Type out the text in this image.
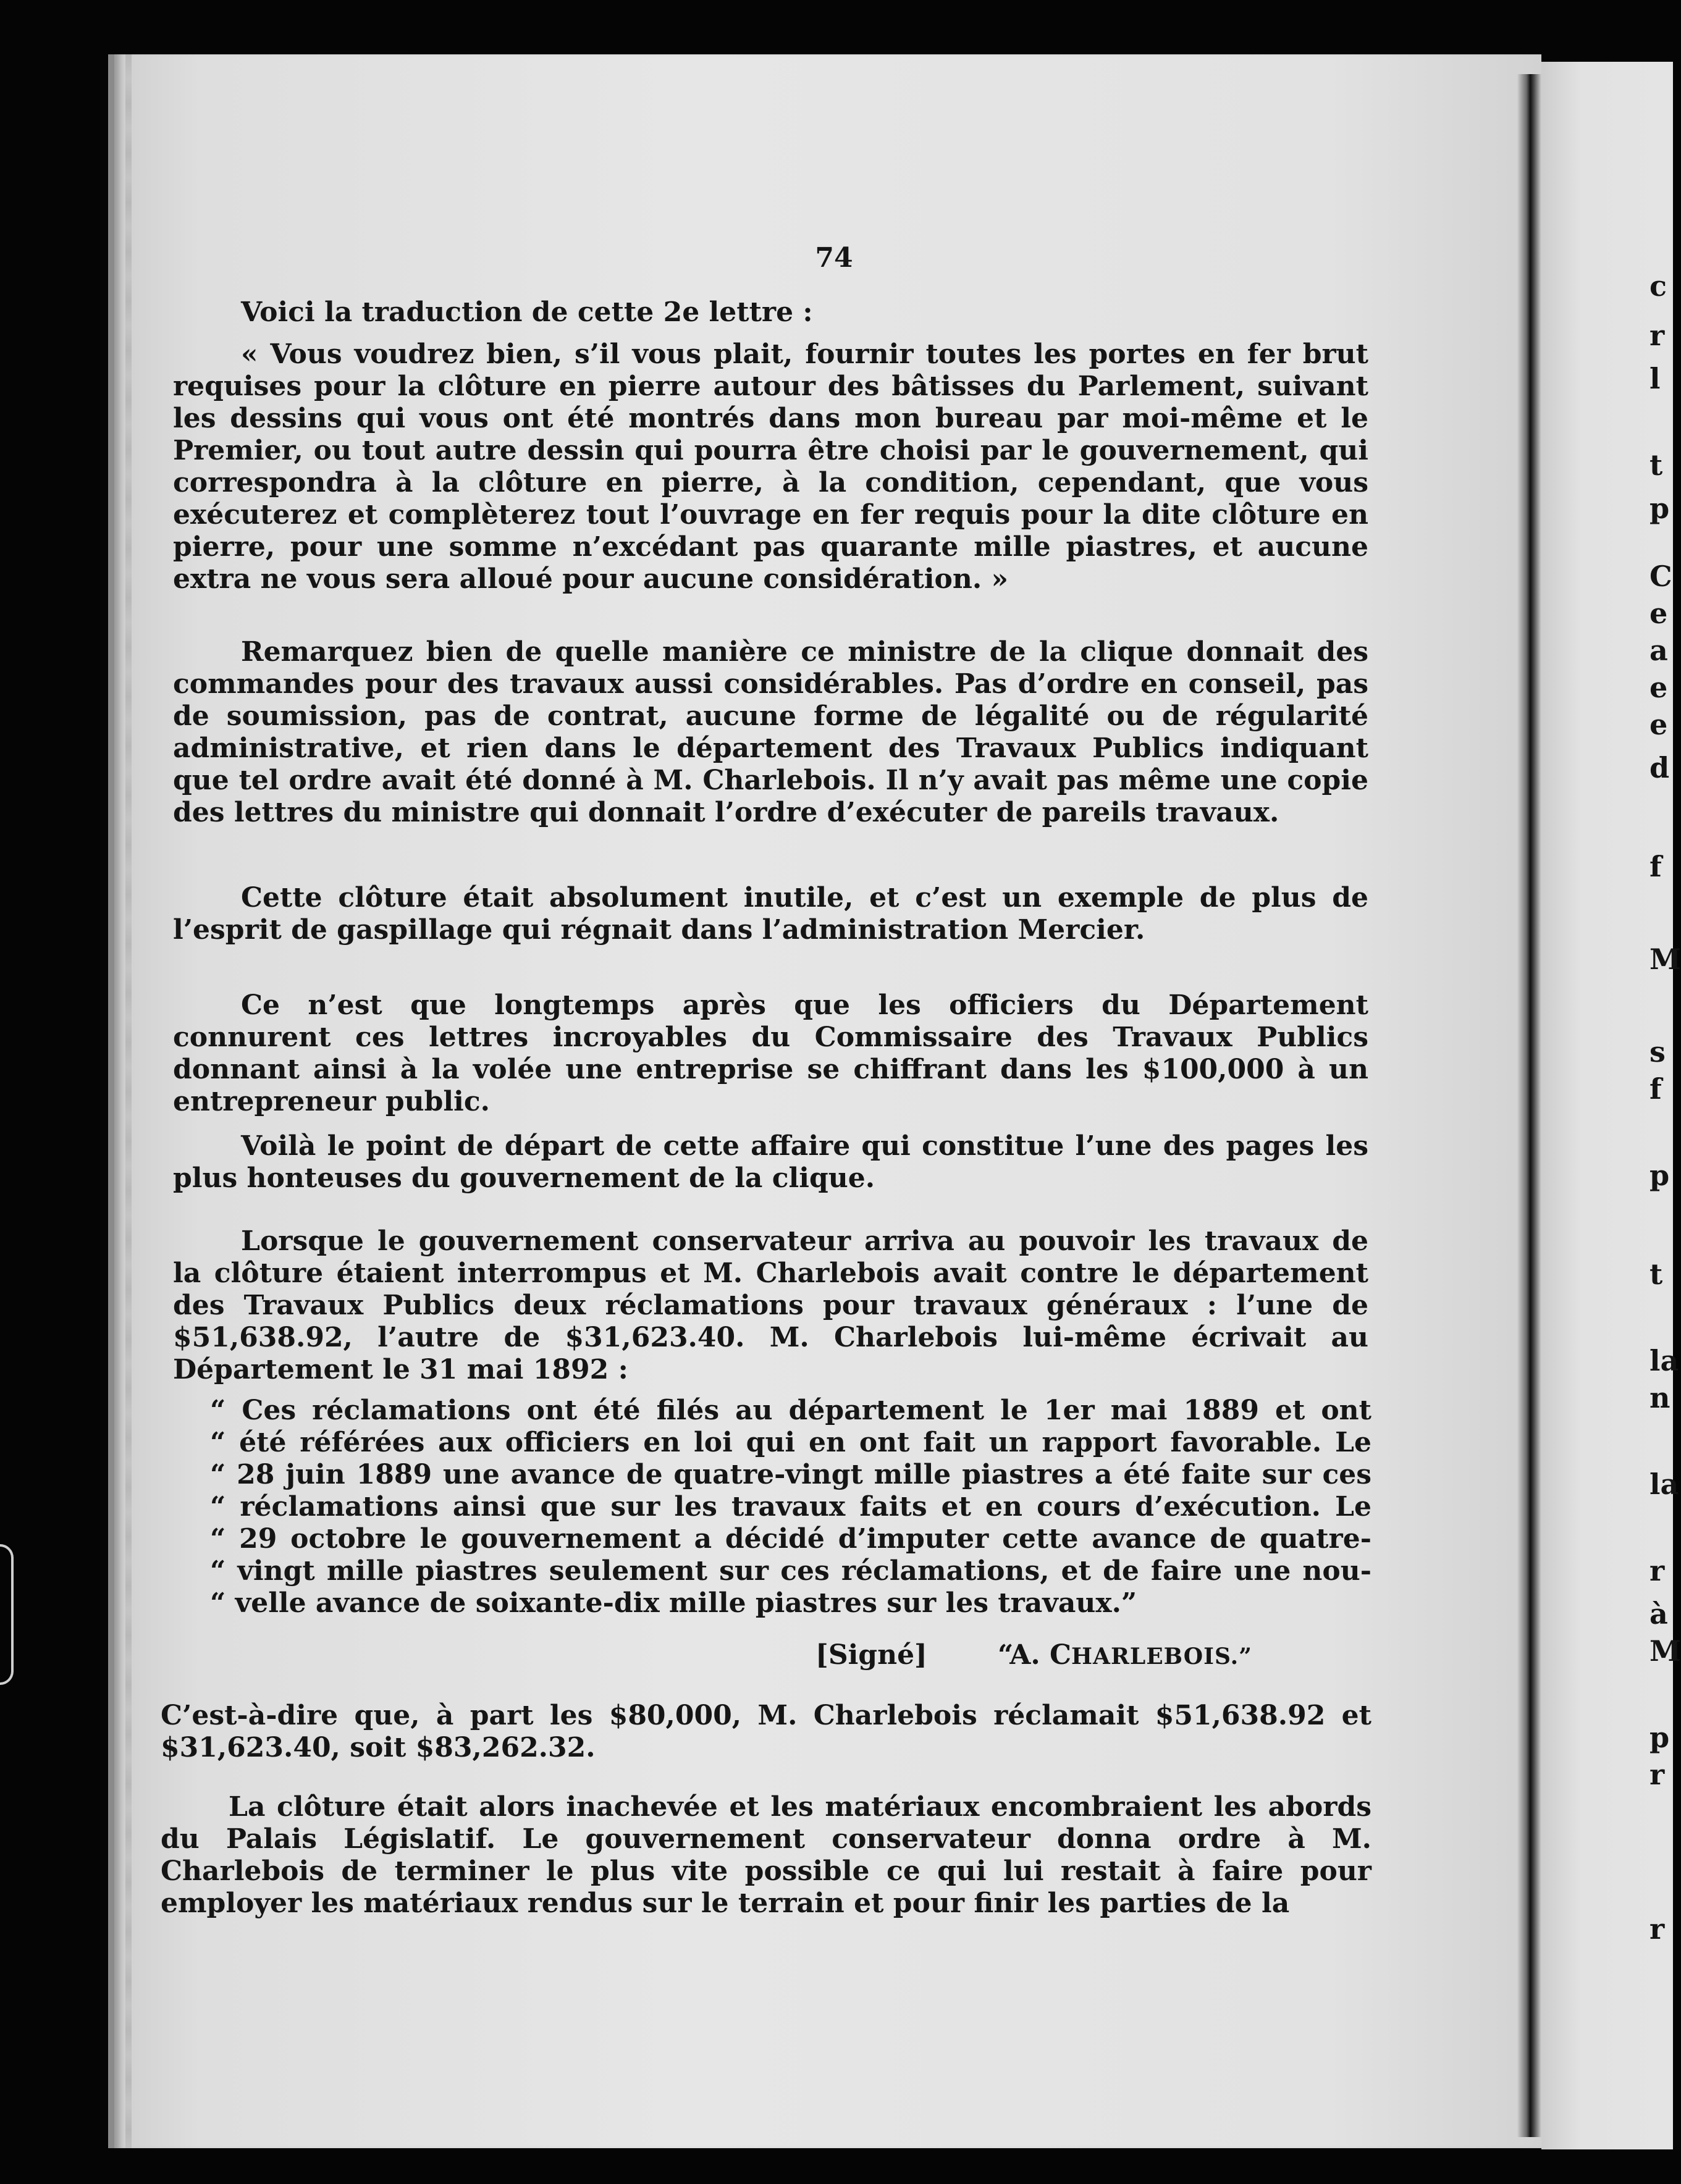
c
r
l
t
p
C
e
a
e
e
d
f
M
s
f
p
t
la
n
la
r
à
M
p
r
r
74

Voici la traduction de cette 2e lettre :

« Vous voudrez bien, s’il vous plait, fournir toutes les portes en fer brut requises pour la clôture en pierre autour des bâtisses du Parlement, suivant les dessins qui vous ont été montrés dans mon bureau par moi-même et le Premier, ou tout autre dessin qui pourra être choisi par le gouvernement, qui correspondra à la clôture en pierre, à la condition, cependant, que vous exécuterez et complèterez tout l’ouvrage en fer requis pour la dite clôture en pierre, pour une somme n’excédant pas quarante mille piastres, et aucune extra ne vous sera alloué pour aucune considération. »

Remarquez bien de quelle manière ce ministre de la clique donnait des commandes pour des travaux aussi considérables. Pas d’ordre en conseil, pas de soumission, pas de contrat, aucune forme de légalité ou de régularité administrative, et rien dans le département des Travaux Publics indiquant que tel ordre avait été donné à M. Charlebois. Il n’y avait pas même une copie des lettres du ministre qui donnait l’ordre d’exécuter de pareils travaux.

Cette clôture était absolument inutile, et c’est un exemple de plus de l’esprit de gaspillage qui régnait dans l’administration Mercier.

Ce n’est que longtemps après que les officiers du Département connurent ces lettres incroyables du Commissaire des Travaux Publics donnant ainsi à la volée une entreprise se chiffrant dans les $100,000 à un entrepreneur public.

Voilà le point de départ de cette affaire qui constitue l’une des pages les plus honteuses du gouvernement de la clique.

Lorsque le gouvernement conservateur arriva au pouvoir les travaux de la clôture étaient interrompus et M. Charlebois avait contre le département des Travaux Publics deux réclamations pour travaux généraux : l’une de $51,638.92, l’autre de $31,623.40. M. Charlebois lui-même écrivait au Département le 31 mai 1892 :

“ Ces réclamations ont été filés au département le 1er mai 1889 et ont
“ été référées aux officiers en loi qui en ont fait un rapport favorable. Le
“ 28 juin 1889 une avance de quatre-vingt mille piastres a été faite sur ces
“ réclamations ainsi que sur les travaux faits et en cours d’exécution. Le
“ 29 octobre le gouvernement a décidé d’imputer cette avance de quatre-
“ vingt mille piastres seulement sur ces réclamations, et de faire une nou-
“ velle avance de soixante-dix mille piastres sur les travaux.”
[Signé]	“A. CHARLEBOIS.”

C’est-à-dire que, à part les $80,000, M. Charlebois réclamait $51,638.92 et $31,623.40, soit $83,262.32.

La clôture était alors inachevée et les matériaux encombraient les abords du Palais Législatif. Le gouvernement conservateur donna ordre à M. Charlebois de terminer le plus vite possible ce qui lui restait à faire pour employer les matériaux rendus sur le terrain et pour finir les parties de la
